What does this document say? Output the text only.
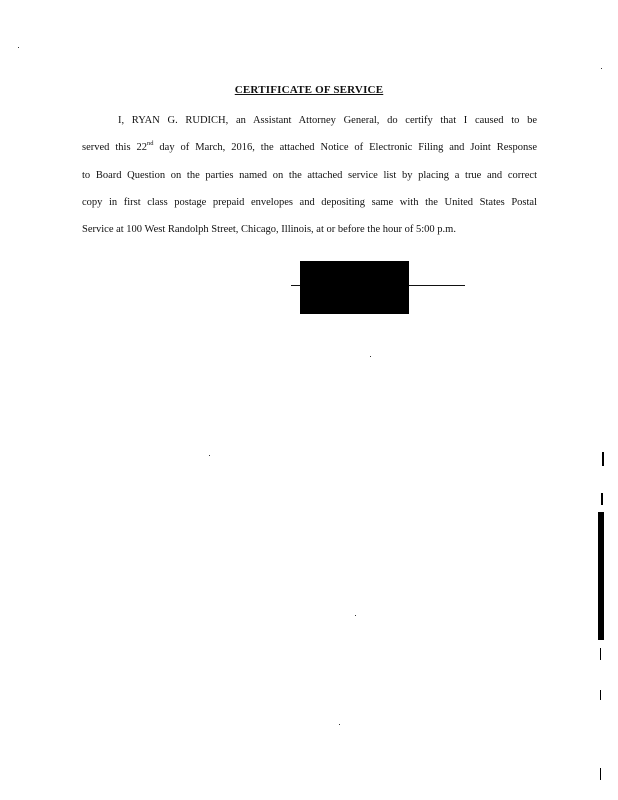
CERTIFICATE OF SERVICE
I, RYAN G. RUDICH, an Assistant Attorney General, do certify that I caused to be
served this 22nd day of March, 2016, the attached Notice of Electronic Filing and Joint Response
to Board Question on the parties named on the attached service list by placing a true and correct
copy in first class postage prepaid envelopes and depositing same with the United States Postal
Service at 100 West Randolph Street, Chicago, Illinois, at or before the hour of 5:00 p.m.
